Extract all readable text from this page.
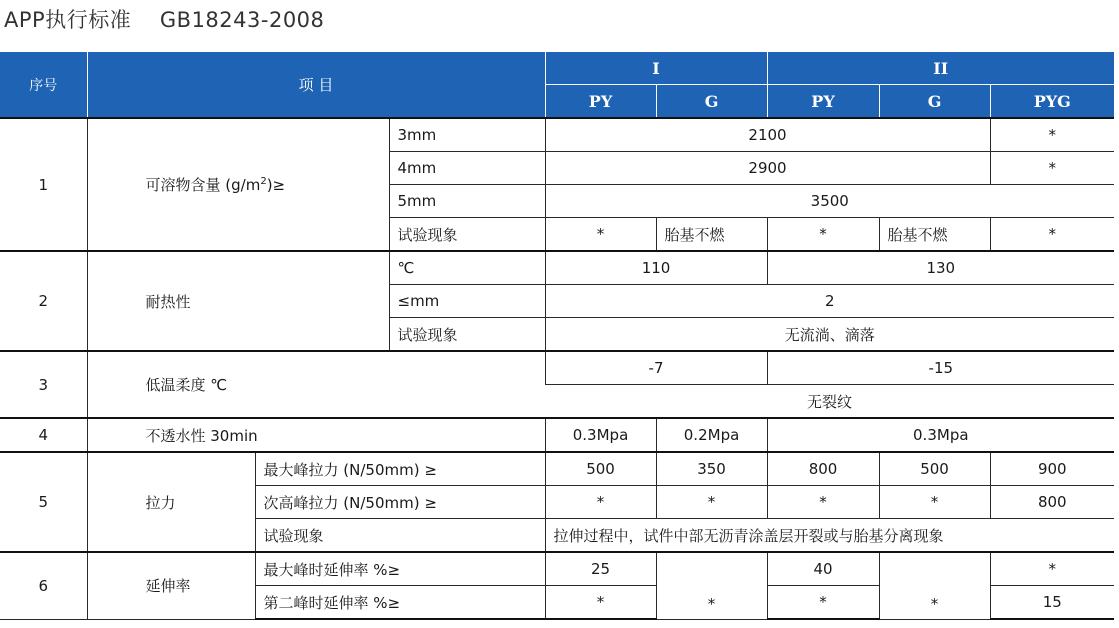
APP执行标准    GB18243-2008
序号	项 目			I		II		
				PY	G	PY	G	PYG
1	可溶物含量 $(g/m^2)\ge$		3mm	2100				*
			4mm	2900				*
			5mm	3500				
			试验现象	*	胎基不燃	*	胎基不燃	*
2	耐热性		℃	110		130		
			≤mm	2				
			试验现象	无流淌、滴落				
3	低温柔度 ℃			-7		-15		
				无裂纹				
4	不透水性 30min			0.3Mpa	0.2Mpa	0.3Mpa		
5	拉力	最大峰拉力 (N/50mm) ≥		500	350	800	500	900
		次高峰拉力 (N/50mm) ≥		*	*	*	*	800
		试验现象		拉伸过程中，试件中部无沥青涂盖层开裂或与胎基分离现象				
6	延伸率	最大峰时延伸率 %≥		25	*	40	*	*
		第二峰时延伸率 %≥		*		*		15
